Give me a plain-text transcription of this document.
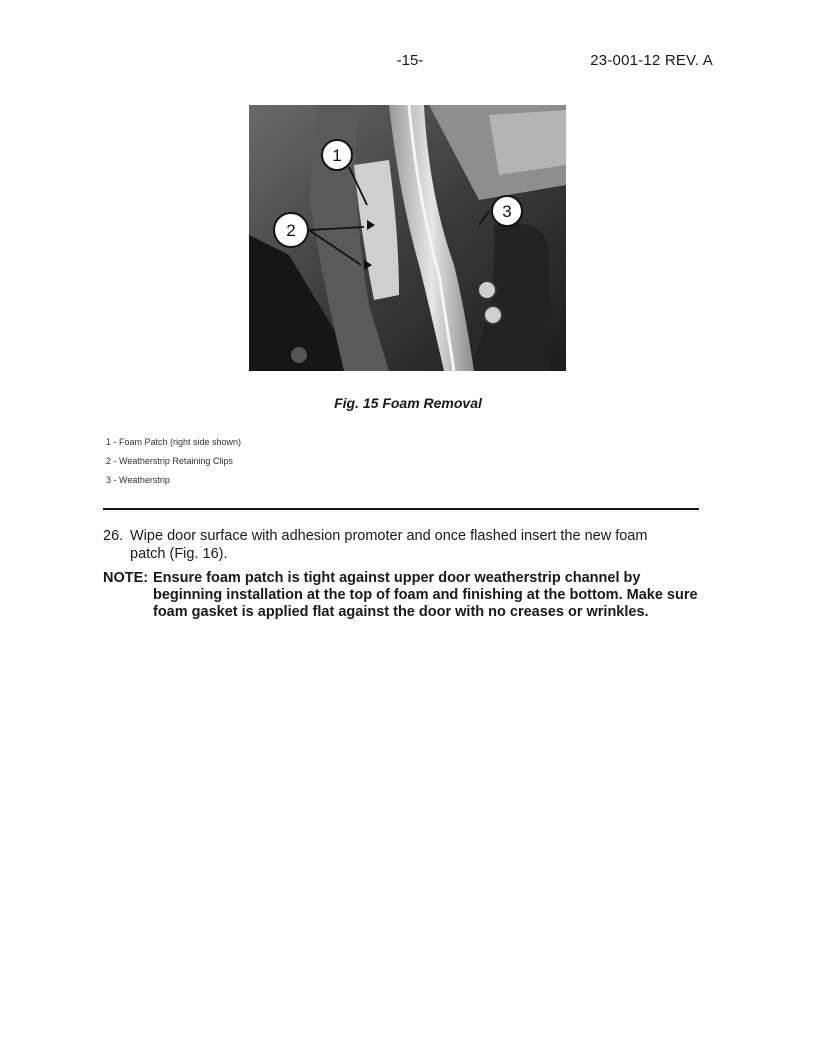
-15-	23-001-12 REV. A
1
2
3
Fig. 15 Foam Removal
1 - Foam Patch (right side shown)
2 - Weatherstrip Retaining Clips
3 - Weatherstrip
26. Wipe door surface with adhesion promoter and once flashed insert the new foam patch (Fig. 16).
NOTE: Ensure foam patch is tight against upper door weatherstrip channel by beginning installation at the top of foam and finishing at the bottom. Make sure foam gasket is applied flat against the door with no creases or wrinkles.
